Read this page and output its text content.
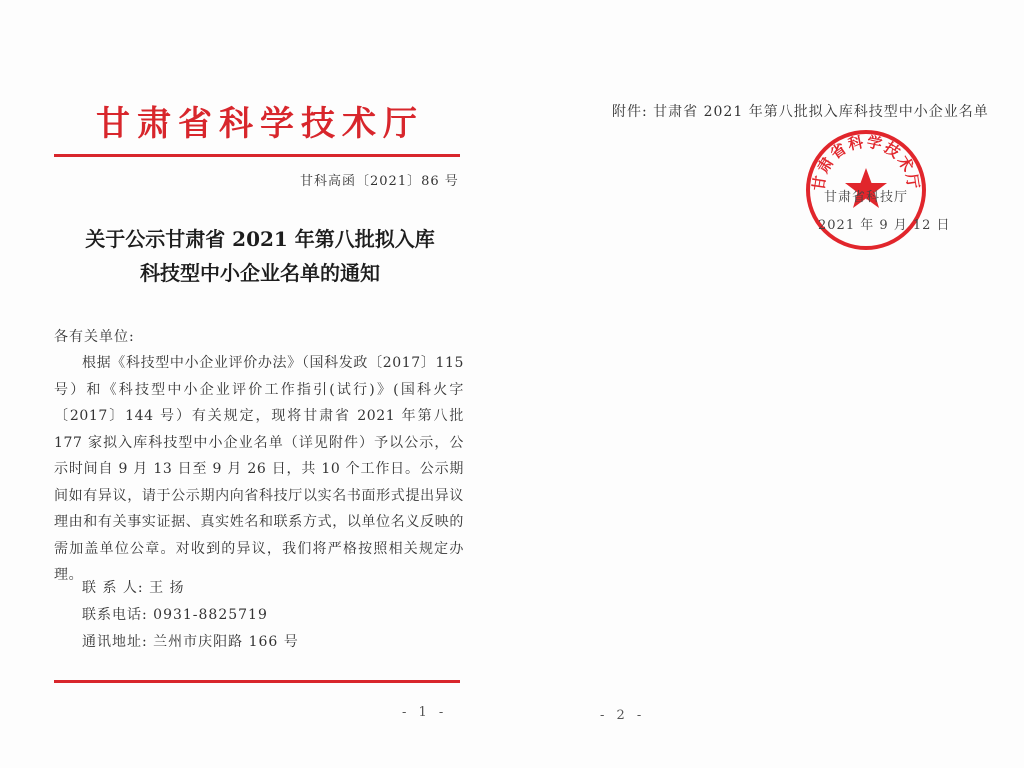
甘肃省科学技术厅
甘科高函〔2021〕86 号
关于公示甘肃省 2021 年第八批拟入库
科技型中小企业名单的通知
各有关单位:
根据《科技型中小企业评价办法》（国科发政〔2017〕115 号）和《科技型中小企业评价工作指引(试行)》(国科火字〔2017〕144 号）有关规定，现将甘肃省 2021 年第八批 177 家拟入库科技型中小企业名单（详见附件）予以公示，公示时间自 9 月 13 日至 9 月 26 日，共 10 个工作日。公示期间如有异议，请于公示期内向省科技厅以实名书面形式提出异议理由和有关事实证据、真实姓名和联系方式，以单位名义反映的需加盖单位公章。对收到的异议，我们将严格按照相关规定办理。
联 系 人: 王 扬
联系电话: 0931-8825719
通讯地址: 兰州市庆阳路 166 号
- 1 -
附件: 甘肃省 2021 年第八批拟入库科技型中小企业名单
甘肃省科学技术厅
甘肃省科技厅
2021 年 9 月 12 日
- 2 -
